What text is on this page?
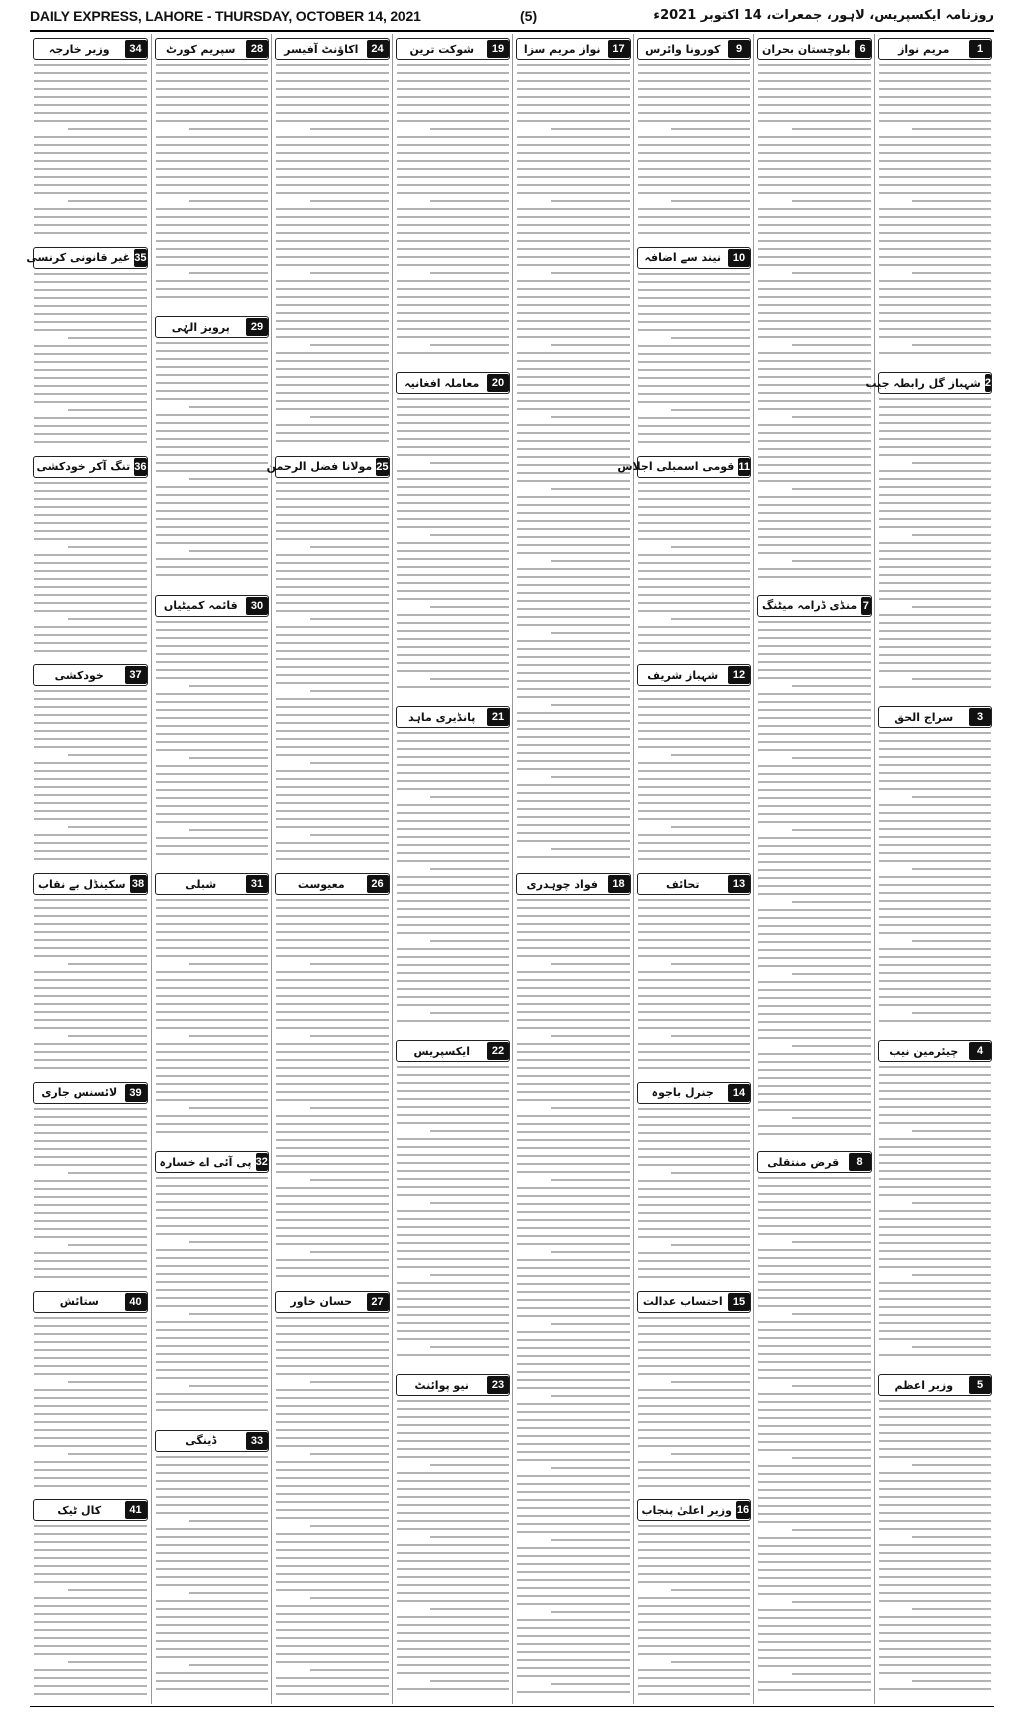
DAILY EXPRESS, LAHORE - THURSDAY, OCTOBER 14, 2021	(5)	روزنامہ ایکسپریس، لاہور، جمعرات، 14 اکتوبر 2021ء
34
وزیر خارجہ
35
غیر قانونی کرنسی
36
تنگ آکر خودکشی
37
خودکشی
38
سکینڈل بے نقاب
39
لائسنس جاری
40
ستائش
41
کال ٹیک
28
سپریم کورٹ
29
پرویز الہٰی
30
قائمہ کمیٹیاں
31
شبلی
32
پی آئی اے خسارہ
33
ڈینگی
24
اکاؤنٹ آفیسر
25
مولانا فضل الرحمن
26
معیوست
27
حسان خاور
19
شوکت ترین
20
معاملہ افغانیہ
21
پانڈیری ماہد
22
ایکسپریس
23
نیو پوائنٹ
17
نواز مریم سزا
18
فواد چوہدری
9
کورونا وائرس
10
نیند سے اضافہ
11
قومی اسمبلی اجلاس
12
شہباز شریف
13
تحائف
14
جنرل باجوہ
15
احتساب عدالت
16
وزیر اعلیٰ پنجاب
6
بلوچستان بحران
7
منڈی ڈرامہ میٹنگ
8
قرض منتقلی
1
مریم نواز
2
شہباز گل رابطہ جیب
3
سراج الحق
4
چیئرمین نیب
5
وزیر اعظم
